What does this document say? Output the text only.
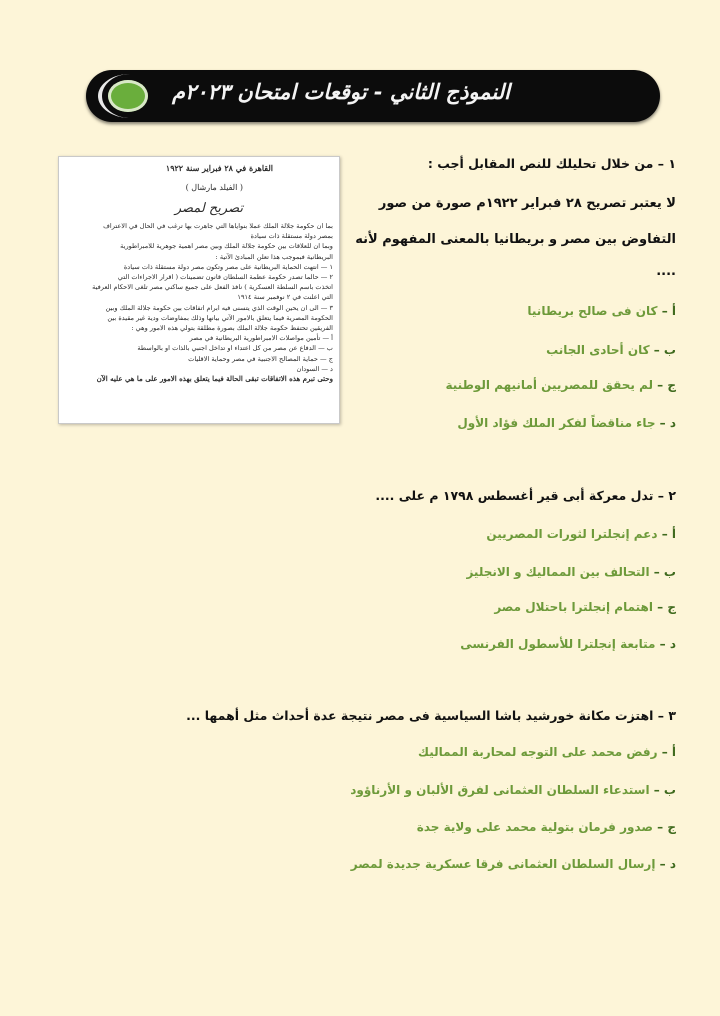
النموذج الثاني - توقعات امتحان ٢٠٢٣م
القاهرة في ٢٨ فبراير سنة ١٩٢٢
( الفيلد مارشال )
تصريح لمصر
بما ان حكومة جلالة الملك عملا بنواياها التي جاهرت بها ترغب في الحال في الاعتراف
بمصر دولة مستقلة ذات سيادة
وبما ان للعلاقات بين حكومة جلالة الملك وبين مصر اهمية جوهرية للامبراطورية
البريطانية فبموجب هذا تعلن المبادئ الآتية :
١ — انتهت الحماية البريطانية على مصر وتكون مصر دولة مستقلة ذات سيادة
٢ — حالما تصدر حكومة عظمة السلطان قانون تضمينات ( اقرار الاجراءات التي
اتخذت باسم السلطة العسكرية ) نافذ الفعل على جميع ساكني مصر تلغى الاحكام العرفية
التي اعلنت في ٢ نوفمبر سنة ١٩١٤
٣ — الى ان يحين الوقت الذي يتسنى فيه ابرام اتفاقات بين حكومة جلالة الملك وبين
الحكومة المصرية فيما يتعلق بالامور الآتي بيانها وذلك بمفاوضات ودية غير مقيدة بين
الفريقين تحتفظ حكومة جلالة الملك بصورة مطلقة بتولي هذه الامور وهي :
أ — تأمين مواصلات الامبراطورية البريطانية في مصر
ب — الدفاع عن مصر من كل اعتداء او تداخل اجنبي بالذات او بالواسطة
ج — حماية المصالح الاجنبية في مصر وحماية الاقليات
د — السودان
وحتى تبرم هذه الاتفاقات تبقى الحالة فيما يتعلق بهذه الامور على ما هي عليه الآن
١ – من خلال تحليلك للنص المقابل أجب :
لا يعتبر تصريح ٢٨ فبراير ١٩٢٢م صورة من صور
التفاوض بين مصر و بريطانيا بالمعنى المفهوم لأنه
....
أ – كان فى صالح بريطانيا
ب – كان أحادى الجانب
ج – لم يحقق للمصريين أمانيهم الوطنية
د – جاء مناقضاً لفكر الملك فؤاد الأول
٢ – تدل معركة أبى قير أغسطس ١٧٩٨ م على ....
أ – دعم إنجلترا لثورات المصريين
ب – التحالف بين المماليك و الانجليز
ج – اهتمام إنجلترا باحتلال مصر
د – متابعة إنجلترا للأسطول الفرنسى
٣ – اهتزت مكانة خورشيد باشا السياسية فى مصر نتيجة عدة أحداث مثل أهمها ...
أ – رفض محمد على التوجه لمحاربة المماليك
ب – استدعاء السلطان العثمانى لفرق الألبان و الأرناؤود
ج – صدور فرمان بتولية محمد على ولاية جدة
د – إرسال السلطان العثمانى فرقا عسكرية جديدة لمصر
